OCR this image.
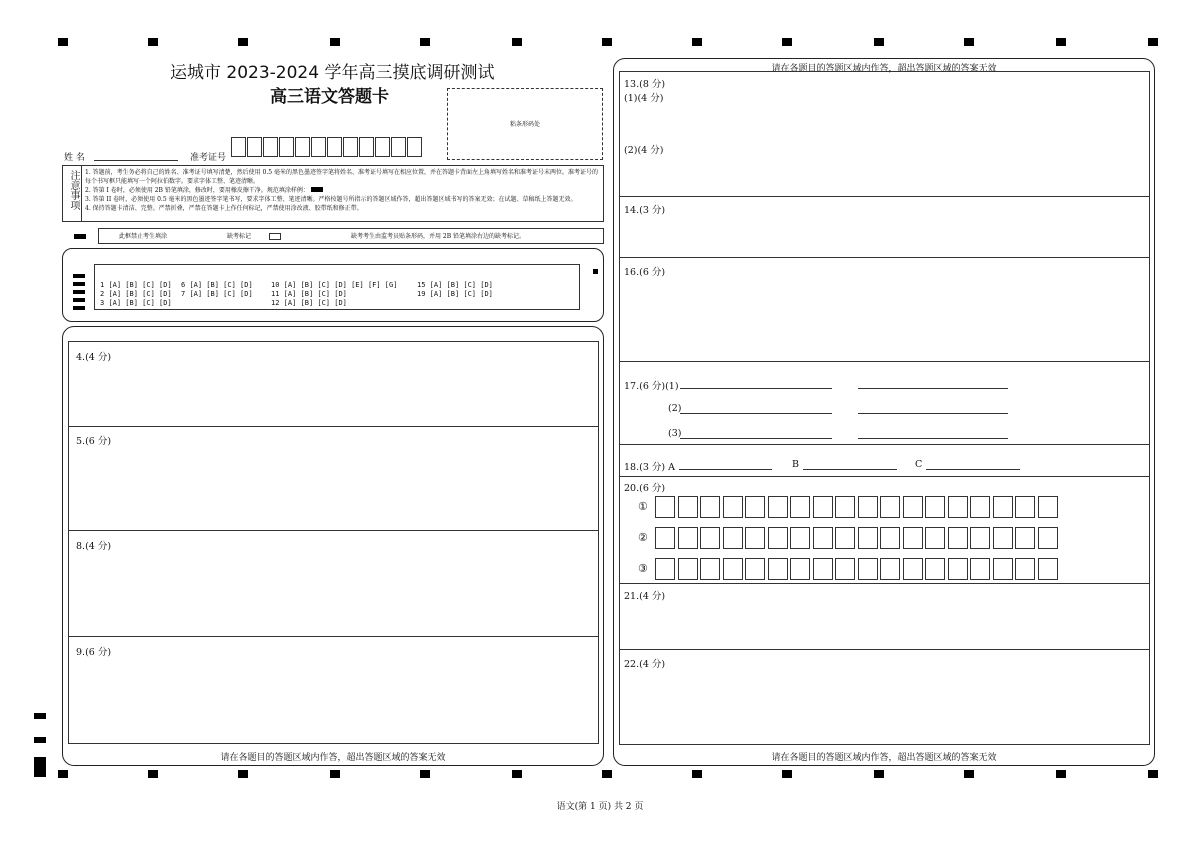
运城市 2023-2024 学年高三摸底调研测试
高三语文答题卡
粘条形码处
姓 名	准考证号
注意事项 1. 答题前，考生务必将自己的姓名、准考证号填写清楚，然后使用 0.5 毫米的黑色墨迹签字笔将姓名、准考证号填写在相应位置，并在答题卡背面左上角填写姓名和准考证号末两位。准考证号的每个书写框只能填写一个阿拉伯数字。要求字体工整、笔迹清晰。
2. 答第 I 卷时，必须使用 2B 铅笔填涂，修改时，要用橡皮擦干净。规范填涂样例：
3. 答第 II 卷时，必须使用 0.5 毫米的黑色墨迹签字笔书写，要求字体工整、笔迹清晰。严格按题号所指示的答题区域作答，超出答题区域书写的答案无效；在试题、草稿纸上答题无效。
4. 保持答题卡清洁、完整。严禁折叠，严禁在答题卡上作任何标记，严禁使用涂改液、胶带纸和修正带。
此框禁止考生填涂	缺考标记	缺考考生由监考员贴条形码，并用 2B 铅笔填涂右边的缺考标记。
1 [A] [B] [C] [D]
2 [A] [B] [C] [D]
3 [A] [B] [C] [D]
6 [A] [B] [C] [D]
7 [A] [B] [C] [D]
10 [A] [B] [C] [D] [E] [F] [G]
11 [A] [B] [C] [D]
12 [A] [B] [C] [D]
15 [A] [B] [C] [D]
19 [A] [B] [C] [D]
4.(4 分)
5.(6 分)
8.(4 分)
9.(6 分)
请在各题目的答题区域内作答，超出答题区域的答案无效
请在各题目的答题区域内作答，超出答题区域的答案无效
13.(8 分)
(1)(4 分)
(2)(4 分)
14.(3 分)
16.(6 分)
17.(6 分)(1)
(2)
(3)
18.(3 分) A	B	C
20.(6 分)
①
②
③
21.(4 分)
22.(4 分)
请在各题目的答题区域内作答，超出答题区域的答案无效
语文(第 1 页) 共 2 页
